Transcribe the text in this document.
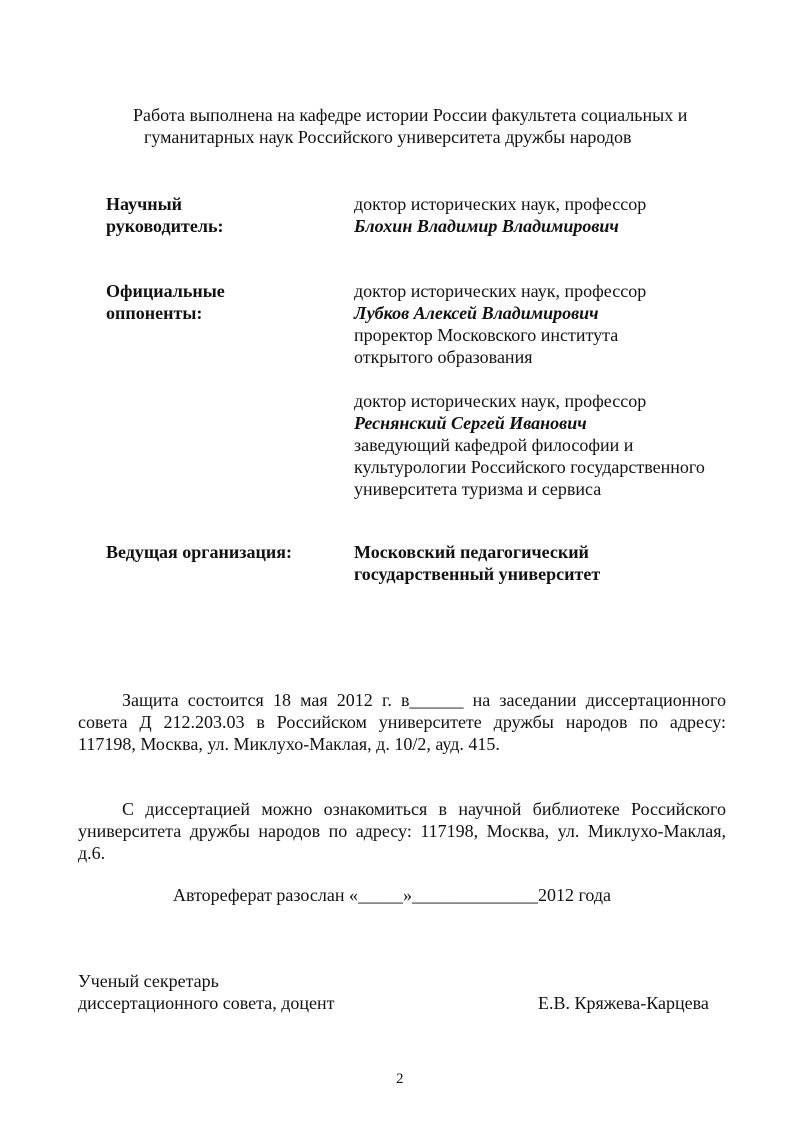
Работа выполнена на кафедре истории России факультета социальных и
гуманитарных наук Российского университета дружбы народов
Научный
руководитель:
доктор исторических наук, профессор
Блохин Владимир Владимирович
Официальные
оппоненты:
доктор исторических наук, профессор
Лубков Алексей Владимирович
проректор Московского института
открытого образования
доктор исторических наук, профессор
Реснянский Сергей Иванович
заведующий кафедрой философии и
культурологии Российского государственного
университета туризма и сервиса
Ведущая организация:	Московский педагогический
государственный университет
Защита состоится 18 мая 2012 г. в______ на заседании диссертационного
совета Д 212.203.03 в Российском университете дружбы народов по адресу:
117198, Москва, ул. Миклухо-Маклая, д. 10/2, ауд. 415.
С диссертацией можно ознакомиться в научной библиотеке Российского
университета дружбы народов по адресу: 117198, Москва, ул. Миклухо-Маклая,
д.6.
Автореферат разослан «_____»______________2012 года
Ученый секретарь
диссертационного совета, доцент	Е.В. Кряжева-Карцева
2
